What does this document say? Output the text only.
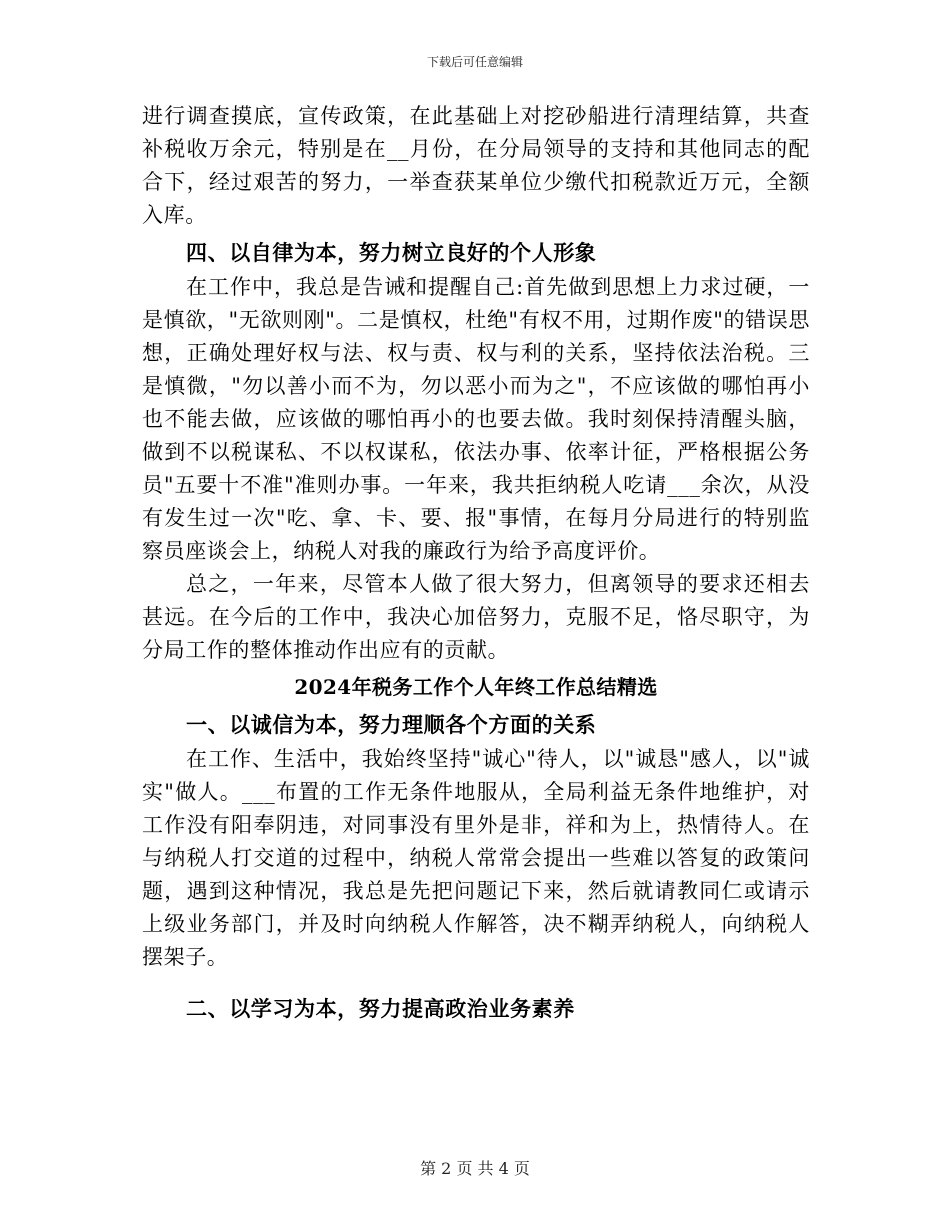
下载后可任意编辑

进行调查摸底，宣传政策，在此基础上对挖砂船进行清理结算，共查补税收万余元，特别是在__月份，在分局领导的支持和其他同志的配合下，经过艰苦的努力，一举查获某单位少缴代扣税款近万元，全额入库。

四、以自律为本，努力树立良好的个人形象

在工作中，我总是告诫和提醒自己:首先做到思想上力求过硬，一是慎欲，"无欲则刚"。二是慎权，杜绝"有权不用，过期作废"的错误思想，正确处理好权与法、权与责、权与利的关系，坚持依法治税。三是慎微，"勿以善小而不为，勿以恶小而为之"，不应该做的哪怕再小也不能去做，应该做的哪怕再小的也要去做。我时刻保持清醒头脑，做到不以税谋私、不以权谋私，依法办事、依率计征，严格根据公务员"五要十不准"准则办事。一年来，我共拒纳税人吃请___余次，从没有发生过一次"吃、拿、卡、要、报"事情，在每月分局进行的特别监察员座谈会上，纳税人对我的廉政行为给予高度评价。

总之，一年来，尽管本人做了很大努力，但离领导的要求还相去甚远。在今后的工作中，我决心加倍努力，克服不足，恪尽职守，为分局工作的整体推动作出应有的贡献。

2024年税务工作个人年终工作总结精选
一、以诚信为本，努力理顺各个方面的关系

在工作、生活中，我始终坚持"诚心"待人，以"诚恳"感人，以"诚实"做人。___布置的工作无条件地服从，全局利益无条件地维护，对工作没有阳奉阴违，对同事没有里外是非，祥和为上，热情待人。在与纳税人打交道的过程中，纳税人常常会提出一些难以答复的政策问题，遇到这种情况，我总是先把问题记下来，然后就请教同仁或请示上级业务部门，并及时向纳税人作解答，决不糊弄纳税人，向纳税人摆架子。

二、以学习为本，努力提高政治业务素养
第 2 页 共 4 页
